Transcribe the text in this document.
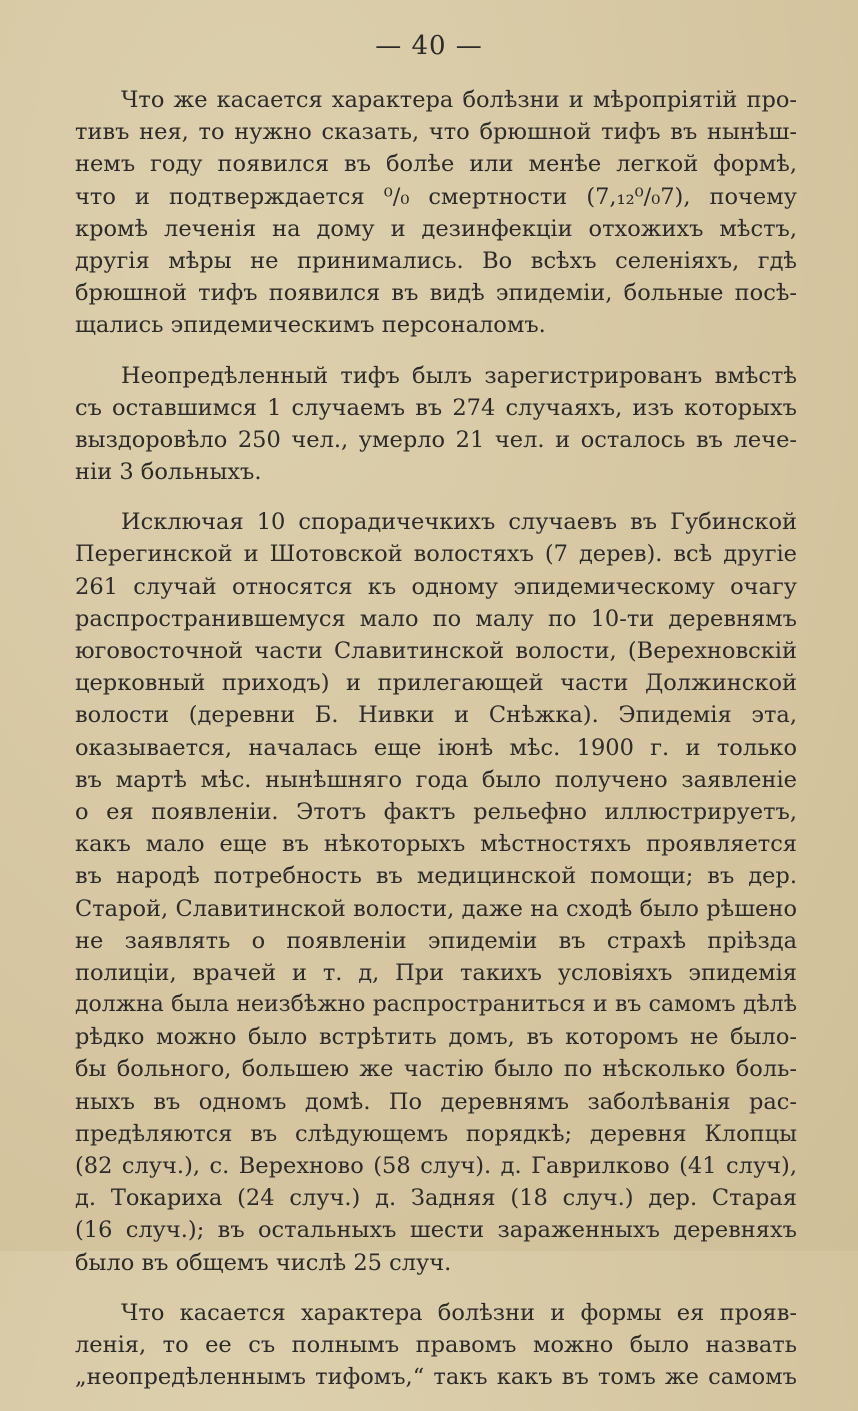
— 40 —
Что же касается характера болѣзни и мѣропріятій про-
тивъ нея, то нужно сказать, что брюшной тифъ въ нынѣш-
немъ году появился въ болѣе или менѣе легкой формѣ,
что и подтверждается ⁰/₀ смертности (7,₁₂⁰/₀7), почему
кромѣ леченія на дому и дезинфекціи отхожихъ мѣстъ,
другія мѣры не принимались. Во всѣхъ селеніяхъ, гдѣ
брюшной тифъ появился въ видѣ эпидеміи, больные посѣ-
щались эпидемическимъ персоналомъ.
Неопредѣленный тифъ былъ зарегистрированъ вмѣстѣ
съ оставшимся 1 случаемъ въ 274 случаяхъ, изъ которыхъ
выздоровѣло 250 чел., умерло 21 чел. и осталось въ лече-
ніи 3 больныхъ.
Исключая 10 спорадичечкихъ случаевъ въ Губинской
Перегинской и Шотовской волостяхъ (7 дерев). всѣ другіе
261 случай относятся къ одному эпидемическому очагу
распространившемуся мало по малу по 10-ти деревнямъ
юговосточной части Славитинской волости, (Верехновскій
церковный приходъ) и прилегающей части Должинской
волости (деревни Б. Нивки и Снѣжка). Эпидемія эта,
оказывается, началась еще іюнѣ мѣс. 1900 г. и только
въ мартѣ мѣс. нынѣшняго года было получено заявленіе
о ея появленіи. Этотъ фактъ рельефно иллюстрируетъ,
какъ мало еще въ нѣкоторыхъ мѣстностяхъ проявляется
въ народѣ потребность въ медицинской помощи; въ дер.
Старой, Славитинской волости, даже на сходѣ было рѣшено
не заявлять о появленіи эпидеміи въ страхѣ пріѣзда
полиціи, врачей и т. д, При такихъ условіяхъ эпидемія
должна была неизбѣжно распространиться и въ самомъ дѣлѣ
рѣдко можно было встрѣтить домъ, въ которомъ не было-
бы больного, большею же частію было по нѣсколько боль-
ныхъ въ одномъ домѣ. По деревнямъ заболѣванія рас-
предѣляются въ слѣдующемъ порядкѣ; деревня Клопцы
(82 случ.), с. Верехново (58 случ). д. Гаврилково (41 случ),
д. Токариха (24 случ.) д. Задняя (18 случ.) дер. Старая
(16 случ.); въ остальныхъ шести зараженныхъ деревняхъ
было въ общемъ числѣ 25 случ.
Что касается характера болѣзни и формы ея прояв-
ленія, то ее съ полнымъ правомъ можно было назвать
„неопредѣленнымъ тифомъ,“ такъ какъ въ томъ же самомъ
